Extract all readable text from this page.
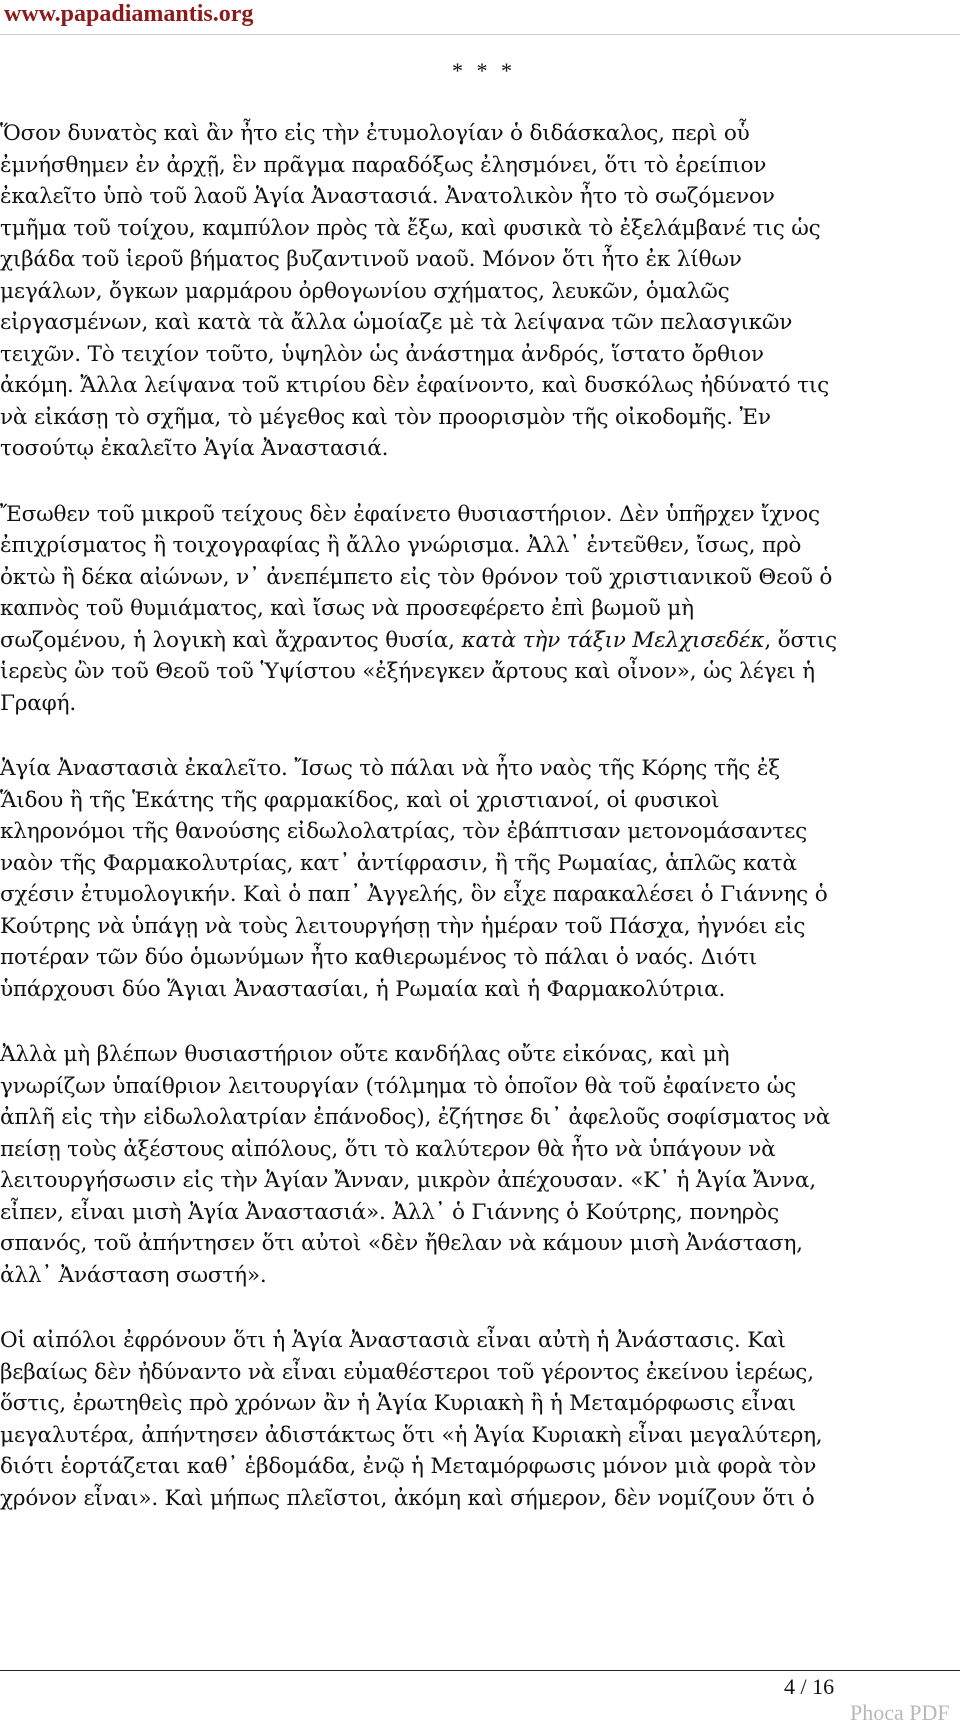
www.papadiamantis.org
* * *

Ὅσον δυνατὸς καὶ ἂν ἦτο εἰς τὴν ἐτυμολογίαν ὁ διδάσκαλος, περὶ οὗ
ἐμνήσθημεν ἐν ἀρχῇ, ἓν πρᾶγμα παραδόξως ἐλησμόνει, ὅτι τὸ ἐρείπιον
ἐκαλεῖτο ὑπὸ τοῦ λαοῦ Ἁγία Ἀναστασιά. Ἀνατολικὸν ἦτο τὸ σωζόμενον
τμῆμα τοῦ τοίχου, καμπύλον πρὸς τὰ ἔξω, καὶ φυσικὰ τὸ ἐξελάμβανέ τις ὡς
χιβάδα τοῦ ἱεροῦ βήματος βυζαντινοῦ ναοῦ. Μόνον ὅτι ἦτο ἐκ λίθων
μεγάλων, ὄγκων μαρμάρου ὀρθογωνίου σχήματος, λευκῶν, ὁμαλῶς
εἰργασμένων, καὶ κατὰ τὰ ἄλλα ὡμοίαζε μὲ τὰ λείψανα τῶν πελασγικῶν
τειχῶν. Τὸ τειχίον τοῦτο, ὑψηλὸν ὡς ἀνάστημα ἀνδρός, ἵστατο ὄρθιον
ἀκόμη. Ἄλλα λείψανα τοῦ κτιρίου δὲν ἐφαίνοντο, καὶ δυσκόλως ἠδύνατό τις
νὰ εἰκάσῃ τὸ σχῆμα, τὸ μέγεθος καὶ τὸν προορισμὸν τῆς οἰκοδομῆς. Ἐν
τοσούτῳ ἐκαλεῖτο Ἁγία Ἀναστασιά.

Ἔσωθεν τοῦ μικροῦ τείχους δὲν ἐφαίνετο θυσιαστήριον. Δὲν ὑπῆρχεν ἴχνος
ἐπιχρίσματος ἢ τοιχογραφίας ἢ ἄλλο γνώρισμα. Ἀλλ᾽ ἐντεῦθεν, ἴσως, πρὸ
ὀκτὼ ἢ δέκα αἰώνων, ν᾽ ἀνεπέμπετο εἰς τὸν θρόνον τοῦ χριστιανικοῦ Θεοῦ ὁ
καπνὸς τοῦ θυμιάματος, καὶ ἴσως νὰ προσεφέρετο ἐπὶ βωμοῦ μὴ
σωζομένου, ἡ λογικὴ καὶ ἄχραντος θυσία, κατὰ τὴν τάξιν Μελχισεδέκ, ὅστις
ἱερεὺς ὢν τοῦ Θεοῦ τοῦ Ὑψίστου «ἐξήνεγκεν ἄρτους καὶ οἶνον», ὡς λέγει ἡ
Γραφή.

Ἁγία Ἀναστασιὰ ἐκαλεῖτο. Ἴσως τὸ πάλαι νὰ ἦτο ναὸς τῆς Κόρης τῆς ἐξ
Ἅιδου ἢ τῆς Ἑκάτης τῆς φαρμακίδος, καὶ οἱ χριστιανοί, οἱ φυσικοὶ
κληρονόμοι τῆς θανούσης εἰδωλολατρίας, τὸν ἐβάπτισαν μετονομάσαντες
ναὸν τῆς Φαρμακολυτρίας, κατ᾽ ἀντίφρασιν, ἢ τῆς Ρωμαίας, ἁπλῶς κατὰ
σχέσιν ἐτυμολογικήν. Καὶ ὁ παπ᾽ Ἀγγελής, ὃν εἶχε παρακαλέσει ὁ Γιάννης ὁ
Κούτρης νὰ ὑπάγῃ νὰ τοὺς λειτουργήσῃ τὴν ἡμέραν τοῦ Πάσχα, ἠγνόει εἰς
ποτέραν τῶν δύο ὁμωνύμων ἦτο καθιερωμένος τὸ πάλαι ὁ ναός. Διότι
ὑπάρχουσι δύο Ἅγιαι Ἀναστασίαι, ἡ Ρωμαία καὶ ἡ Φαρμακολύτρια.

Ἀλλὰ μὴ βλέπων θυσιαστήριον οὔτε κανδήλας οὔτε εἰκόνας, καὶ μὴ
γνωρίζων ὑπαίθριον λειτουργίαν (τόλμημα τὸ ὁποῖον θὰ τοῦ ἐφαίνετο ὡς
ἀπλῆ εἰς τὴν εἰδωλολατρίαν ἐπάνοδος), ἐζήτησε δι᾽ ἀφελοῦς σοφίσματος νὰ
πείσῃ τοὺς ἀξέστους αἰπόλους, ὅτι τὸ καλύτερον θὰ ἦτο νὰ ὑπάγουν νὰ
λειτουργήσωσιν εἰς τὴν Ἁγίαν Ἄνναν, μικρὸν ἀπέχουσαν. «Κ᾽ ἡ Ἁγία Ἄννα,
εἶπεν, εἶναι μισὴ Ἁγία Ἀναστασιά». Ἀλλ᾽ ὁ Γιάννης ὁ Κούτρης, πονηρὸς
σπανός, τοῦ ἀπήντησεν ὅτι αὐτοὶ «δὲν ἤθελαν νὰ κάμουν μισὴ Ἀνάσταση,
ἀλλ᾽ Ἀνάσταση σωστή».

Οἱ αἰπόλοι ἐφρόνουν ὅτι ἡ Ἁγία Ἀναστασιὰ εἶναι αὐτὴ ἡ Ἀνάστασις. Καὶ
βεβαίως δὲν ἠδύναντο νὰ εἶναι εὐμαθέστεροι τοῦ γέροντος ἐκείνου ἱερέως,
ὅστις, ἐρωτηθεὶς πρὸ χρόνων ἂν ἡ Ἁγία Κυριακὴ ἢ ἡ Μεταμόρφωσις εἶναι
μεγαλυτέρα, ἀπήντησεν ἀδιστάκτως ὅτι «ἡ Ἁγία Κυριακὴ εἶναι μεγαλύτερη,
διότι ἑορτάζεται καθ᾽ ἑβδομάδα, ἐνῷ ἡ Μεταμόρφωσις μόνον μιὰ φορὰ τὸν
χρόνον εἶναι». Καὶ μήπως πλεῖστοι, ἀκόμη καὶ σήμερον, δὲν νομίζουν ὅτι ὁ

4 / 16
Phoca PDF
